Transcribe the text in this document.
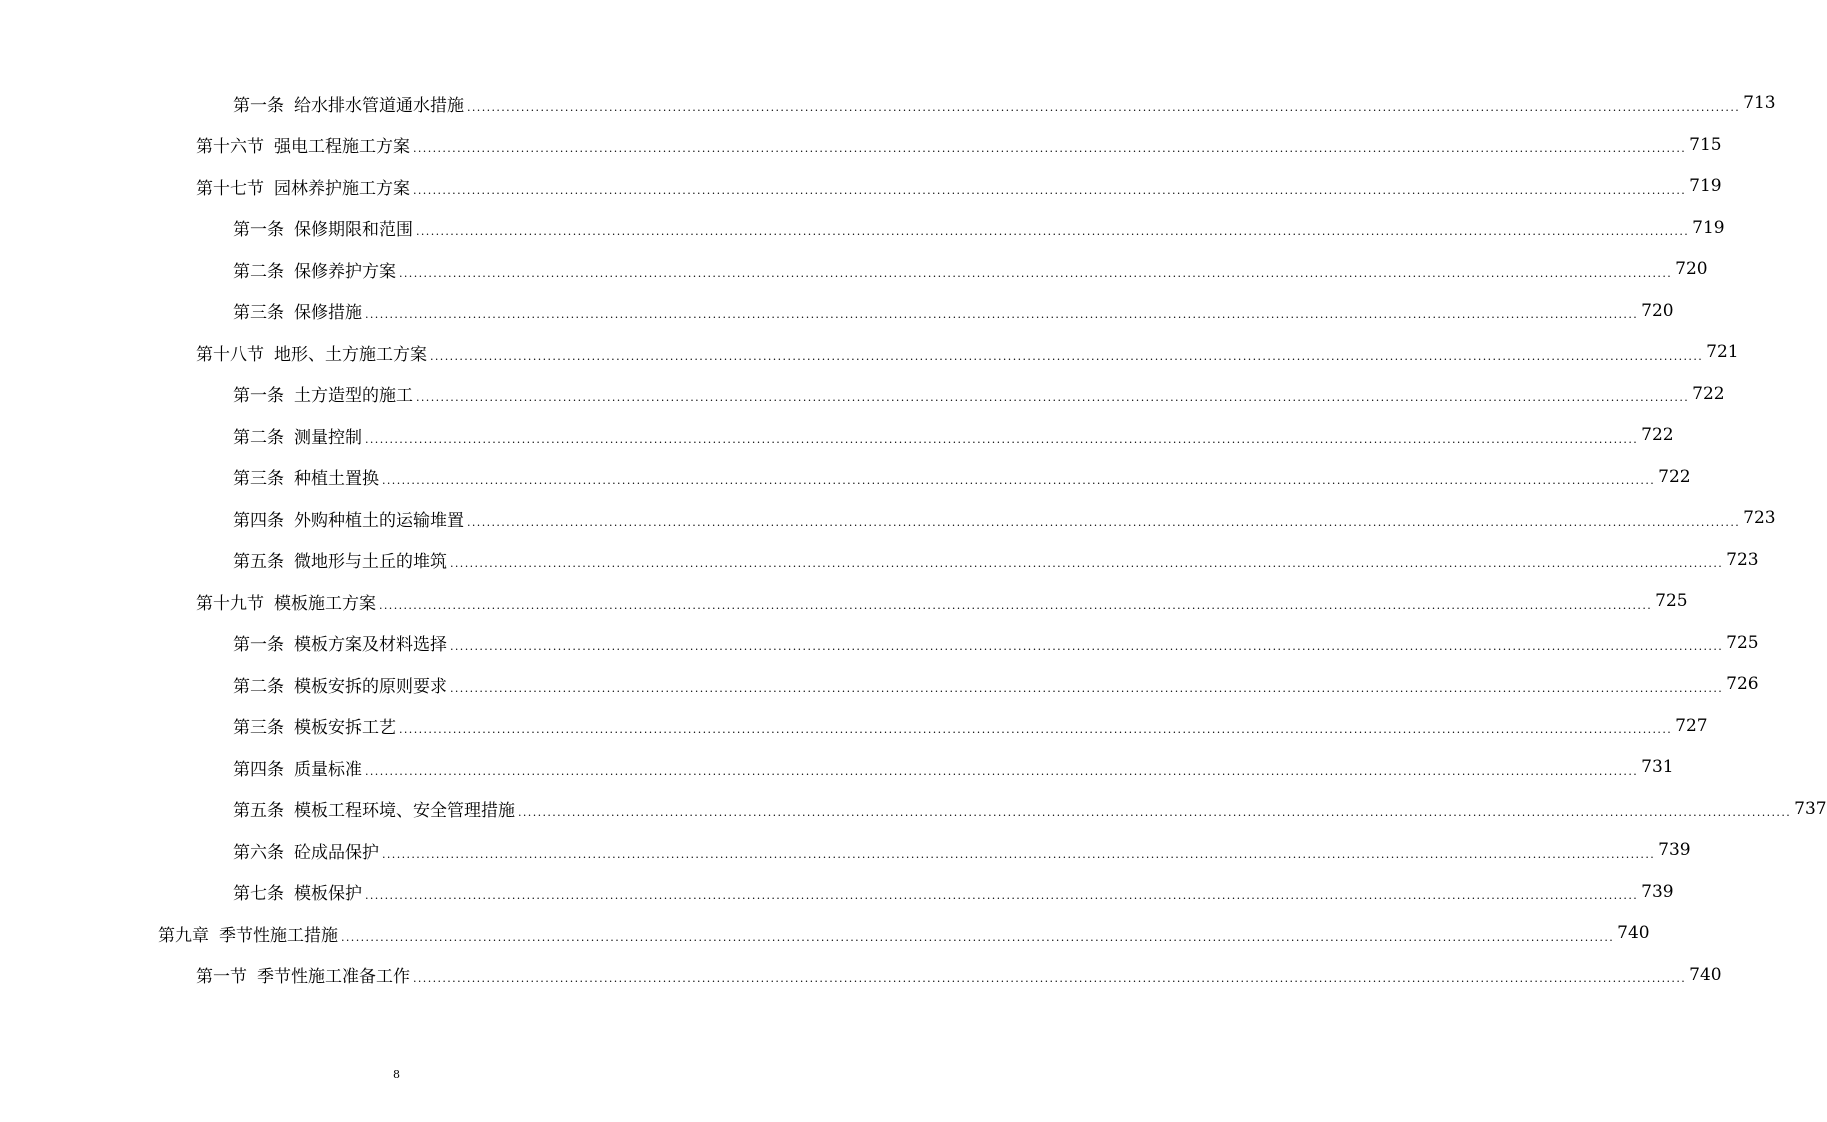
第一条 给水排水管道通水措施 .................................................................................................................................................................................................................................................................... 713
第十六节 强电工程施工方案 .................................................................................................................................................................................................................................................................... 715
第十七节 园林养护施工方案 .................................................................................................................................................................................................................................................................... 719
第一条 保修期限和范围 .................................................................................................................................................................................................................................................................... 719
第二条 保修养护方案 .................................................................................................................................................................................................................................................................... 720
第三条 保修措施 .................................................................................................................................................................................................................................................................... 720
第十八节 地形、土方施工方案 .................................................................................................................................................................................................................................................................... 721
第一条 土方造型的施工 .................................................................................................................................................................................................................................................................... 722
第二条 测量控制 .................................................................................................................................................................................................................................................................... 722
第三条 种植土置换 .................................................................................................................................................................................................................................................................... 722
第四条 外购种植土的运输堆置 .................................................................................................................................................................................................................................................................... 723
第五条 微地形与土丘的堆筑 .................................................................................................................................................................................................................................................................... 723
第十九节 模板施工方案 .................................................................................................................................................................................................................................................................... 725
第一条 模板方案及材料选择 .................................................................................................................................................................................................................................................................... 725
第二条 模板安拆的原则要求 .................................................................................................................................................................................................................................................................... 726
第三条 模板安拆工艺 .................................................................................................................................................................................................................................................................... 727
第四条 质量标准 .................................................................................................................................................................................................................................................................... 731
第五条 模板工程环境、安全管理措施 .................................................................................................................................................................................................................................................................... 737
第六条 砼成品保护 .................................................................................................................................................................................................................................................................... 739
第七条 模板保护 .................................................................................................................................................................................................................................................................... 739
第九章 季节性施工措施 .................................................................................................................................................................................................................................................................... 740
第一节 季节性施工准备工作 .................................................................................................................................................................................................................................................................... 740
8
